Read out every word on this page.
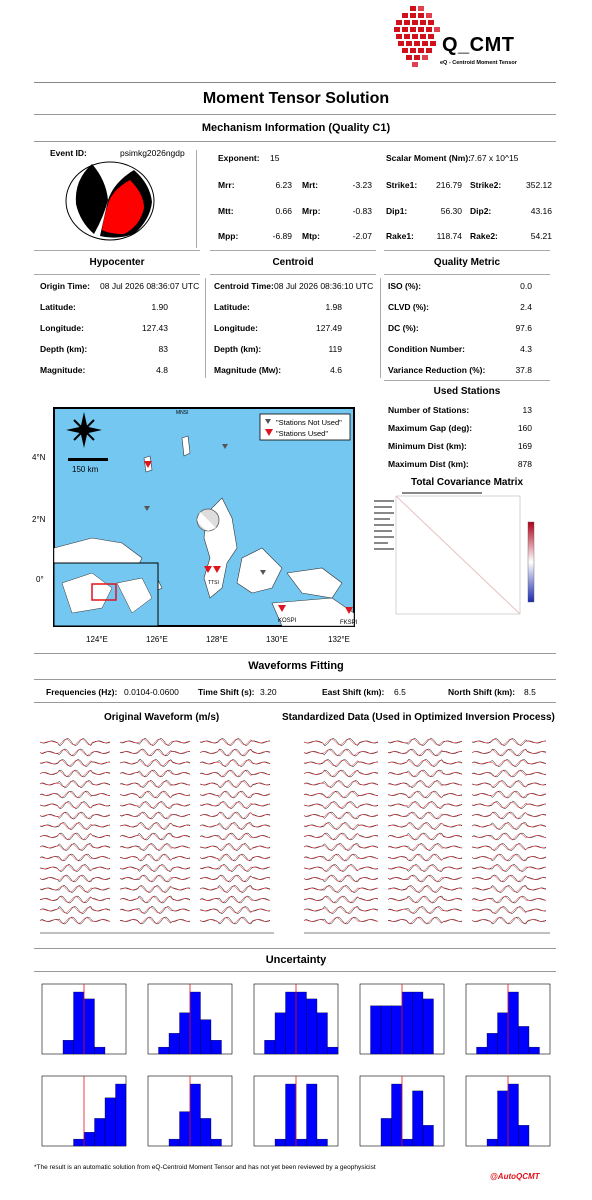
Q_CMT
eQ - Centroid Moment Tensor
Moment Tensor Solution
Mechanism Information (Quality C1)
Event ID:	psimkg2026ngdp	Exponent: 15	Scalar Moment (Nm):
7.67 x 10^15
Mrr:	6.23 Mrt:	-3.23
Mtt:	0.66 Mrp:	-0.83
Mpp:	-6.89 Mtp:	-2.07
Strike1:	216.79 Strike2:	352.12
Dip1:	56.30 Dip2:	43.16
Rake1:	118.74 Rake2:	54.21
Hypocenter	Centroid	Quality Metric
Origin Time: 08 Jul 2026 08:36:07 UTC
Latitude:	1.90
Longitude:	127.43
Depth (km):	83
Magnitude:	4.8
Centroid Time: 08 Jul 2026 08:36:10 UTC
Latitude:	1.98
Longitude:	127.49
Depth (km):	119
Magnitude (Mw):	4.6
ISO (%):	0.0
CLVD (%):	2.4
DC (%):	97.6
Condition Number:	4.3
Variance Reduction (%):	37.8
150 km
"Stations Not Used"
"Stations Used"
MNSI
TTSI
KOSPI	FKSPI
4°N
2°N
0°
124°E	126°E	128°E	130°E	132°E
Used Stations
Number of Stations:	13
Maximum Gap (deg):	160
Minimum Dist (km):	169
Maximum Dist (km):	878
Total Covariance Matrix
Waveforms Fitting
Frequencies (Hz): 0.0104-0.0600 Time Shift (s): 3.20	East Shift (km): 6.5	North Shift (km): 8.5
Original Waveform (m/s)	Standardized Data (Used in Optimized Inversion Process)
Uncertainty
*The result is an automatic solution from eQ-Centroid Moment Tensor and has not yet been reviewed by a geophysicist
@AutoQCMT
